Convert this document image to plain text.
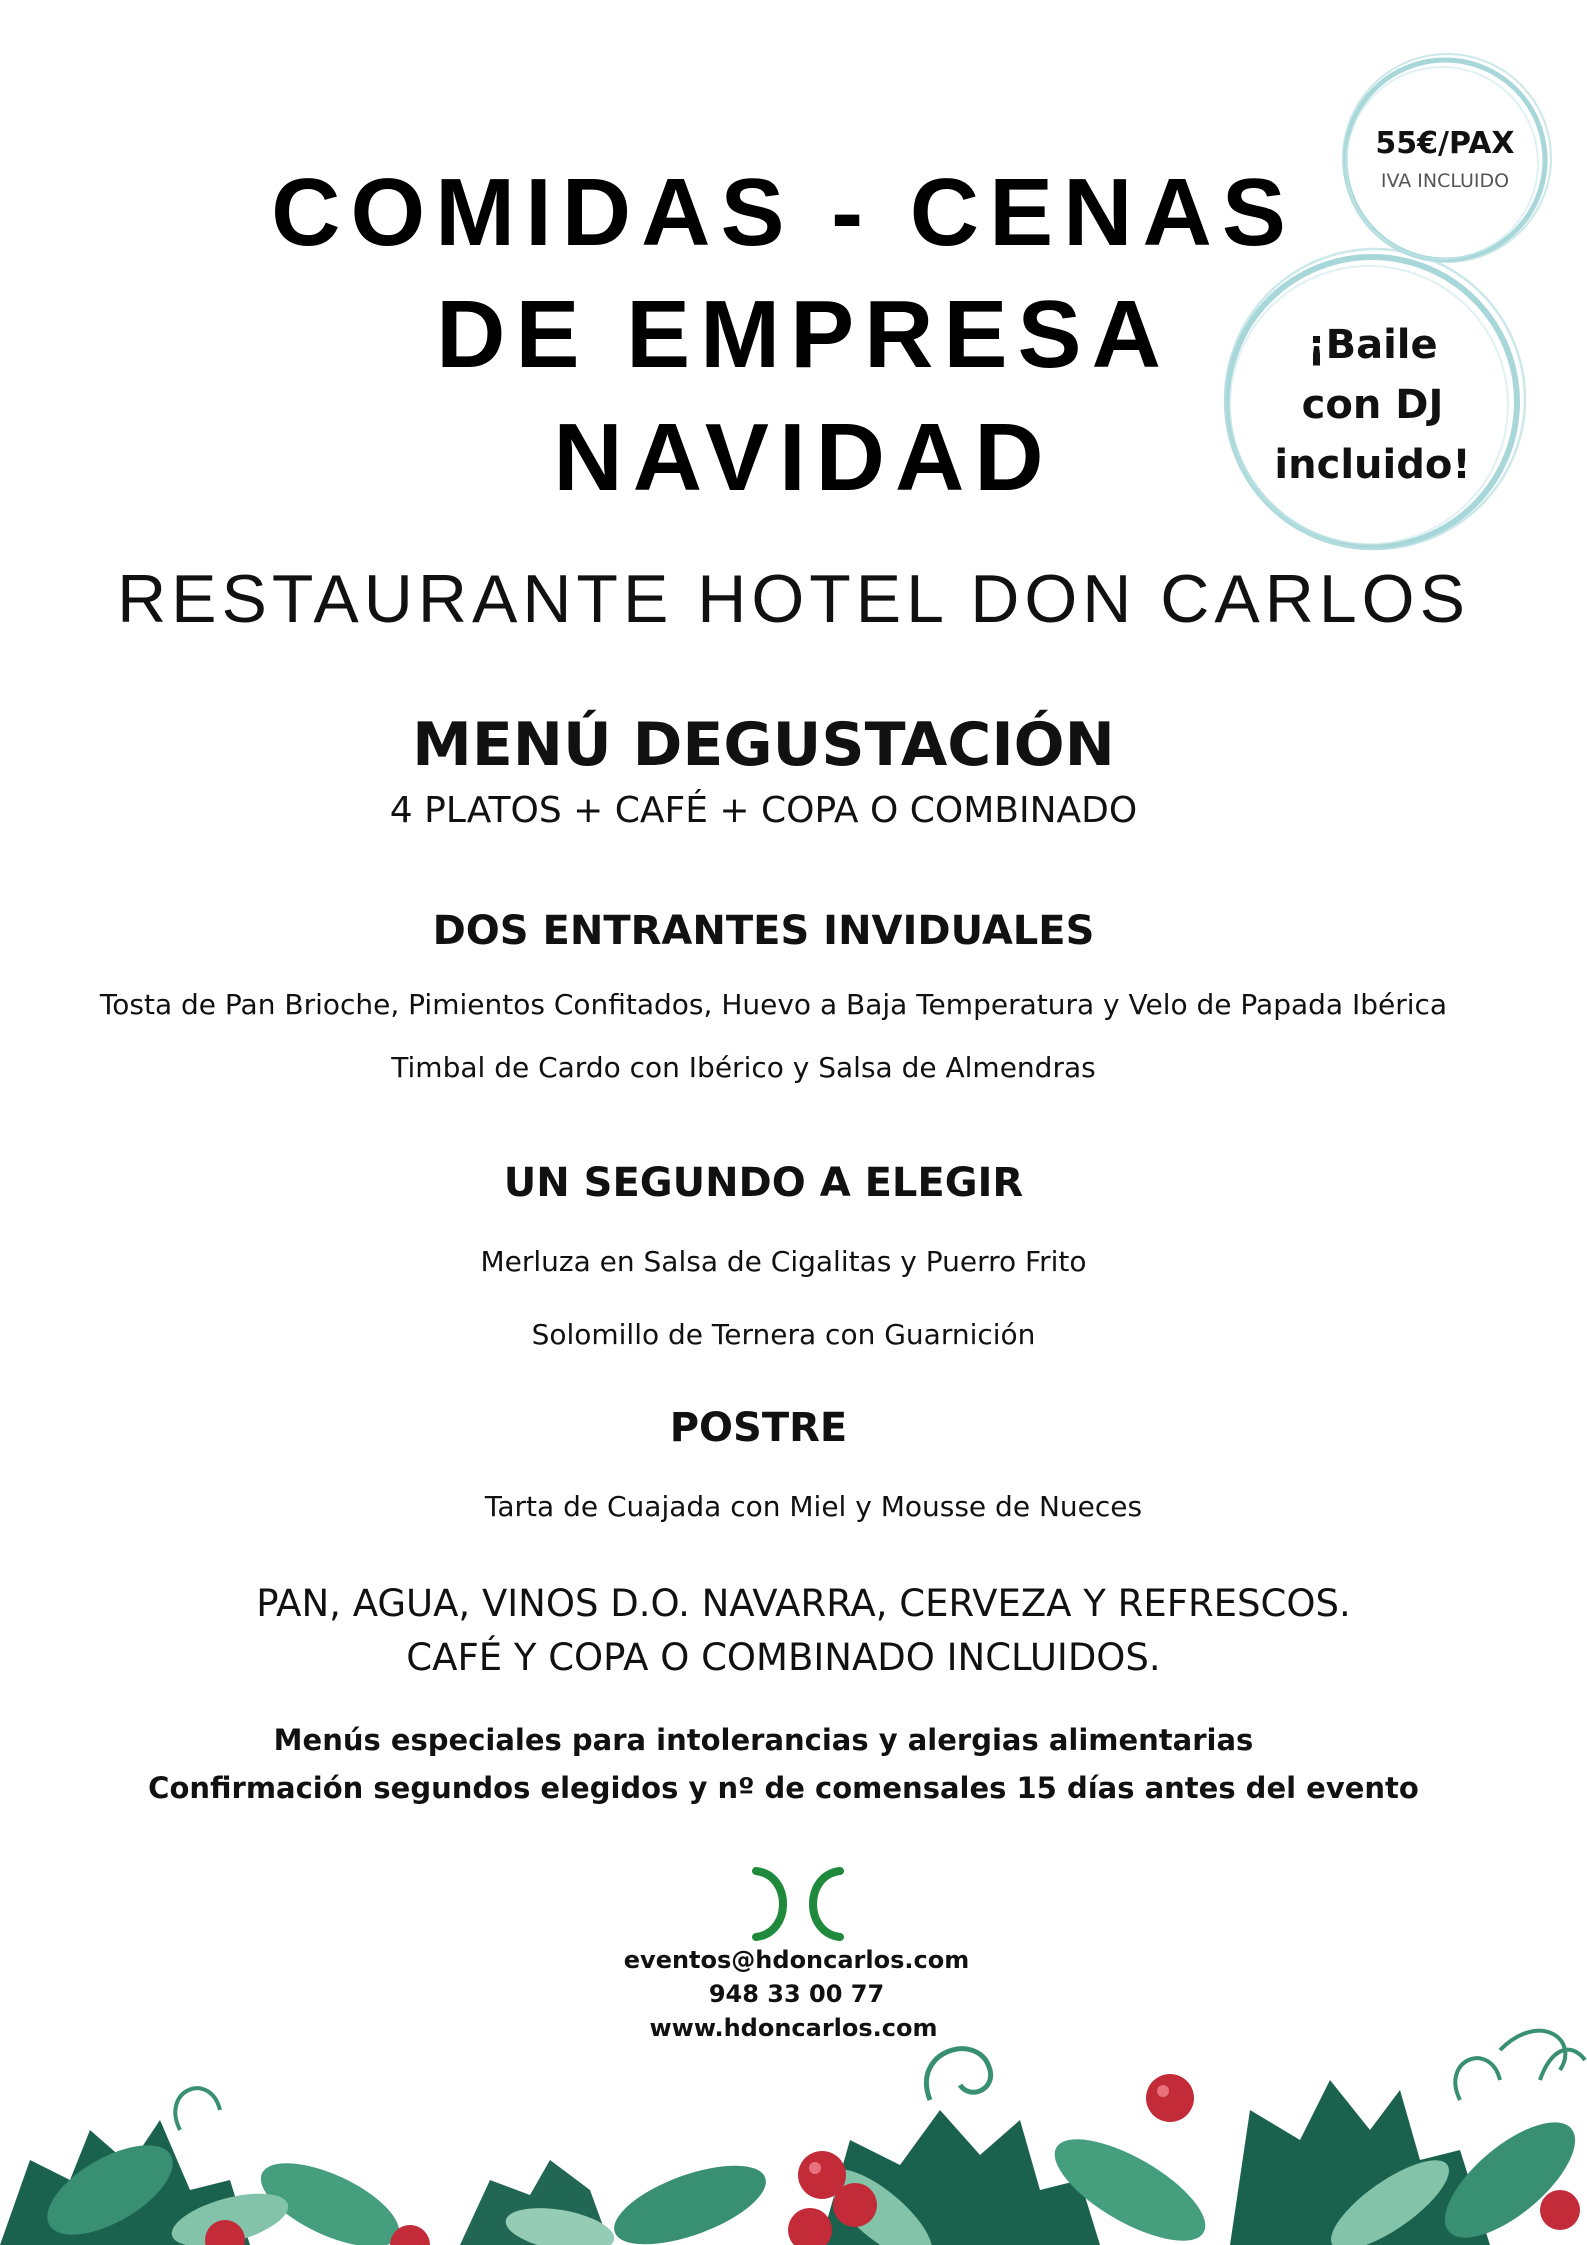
COMIDAS - CENAS
DE EMPRESA
NAVIDAD
55€/PAX
IVA INCLUIDO
¡Baile
con DJ
incluido!
RESTAURANTE HOTEL DON CARLOS
MENÚ DEGUSTACIÓN
4 PLATOS + CAFÉ + COPA O COMBINADO
DOS ENTRANTES INVIDUALES
Tosta de Pan Brioche, Pimientos Confitados, Huevo a Baja Temperatura y Velo de Papada Ibérica
Timbal de Cardo con Ibérico y Salsa de Almendras
UN SEGUNDO A ELEGIR
Merluza en Salsa de Cigalitas y Puerro Frito
Solomillo de Ternera con Guarnición
POSTRE
Tarta de Cuajada con Miel y Mousse de Nueces
PAN, AGUA, VINOS D.O. NAVARRA, CERVEZA Y REFRESCOS.
CAFÉ Y COPA O COMBINADO INCLUIDOS.
Menús especiales para intolerancias y alergias alimentarias
Confirmación segundos elegidos y nº de comensales 15 días antes del evento
eventos@hdoncarlos.com
948 33 00 77
www.hdoncarlos.com
